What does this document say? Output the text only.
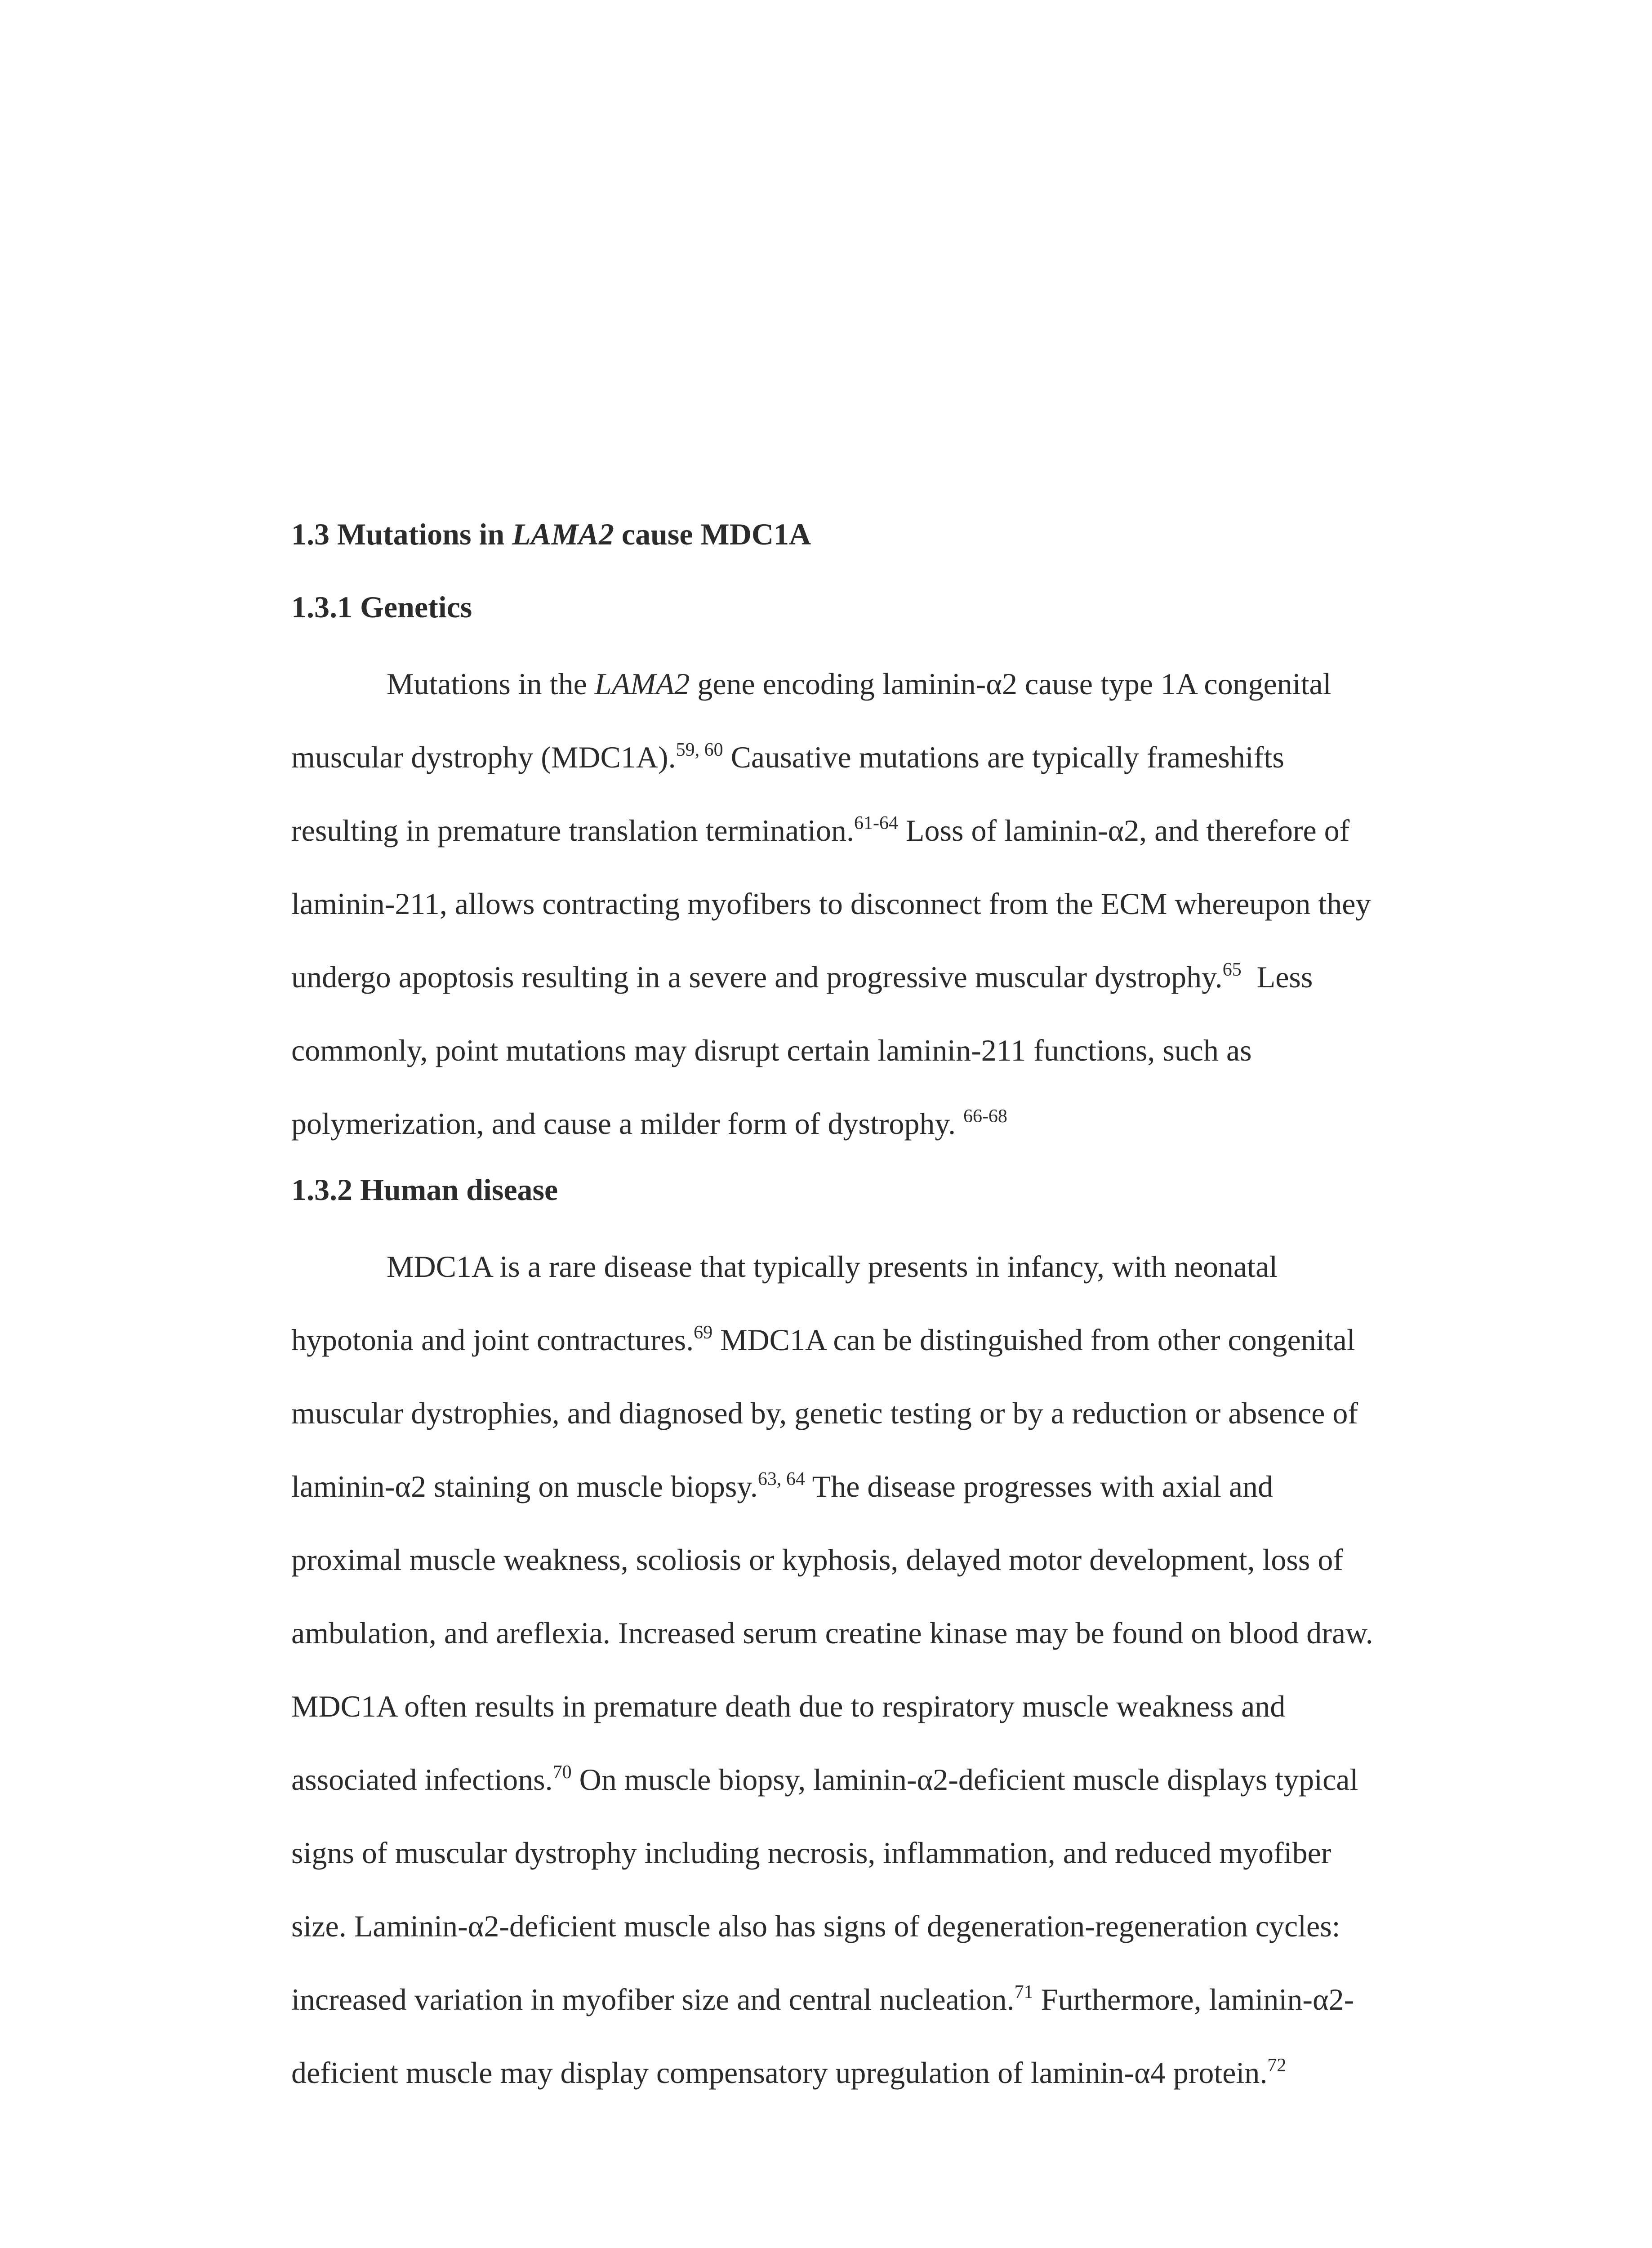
1.3 Mutations in LAMA2 cause MDC1A
1.3.1 Genetics
Mutations in the LAMA2 gene encoding laminin-α2 cause type 1A congenital
muscular dystrophy (MDC1A).$^{59, 60}$ Causative mutations are typically frameshifts
resulting in premature translation termination.$^{61-64}$ Loss of laminin-α2, and therefore of
laminin-211, allows contracting myofibers to disconnect from the ECM whereupon they
undergo apoptosis resulting in a severe and progressive muscular dystrophy.$^{65}$  Less
commonly, point mutations may disrupt certain laminin-211 functions, such as
polymerization, and cause a milder form of dystrophy. $^{66-68}$
1.3.2 Human disease
MDC1A is a rare disease that typically presents in infancy, with neonatal
hypotonia and joint contractures.$^{69}$ MDC1A can be distinguished from other congenital
muscular dystrophies, and diagnosed by, genetic testing or by a reduction or absence of
laminin-α2 staining on muscle biopsy.$^{63, 64}$ The disease progresses with axial and
proximal muscle weakness, scoliosis or kyphosis, delayed motor development, loss of
ambulation, and areflexia. Increased serum creatine kinase may be found on blood draw.
MDC1A often results in premature death due to respiratory muscle weakness and
associated infections.$^{70}$ On muscle biopsy, laminin-α2-deficient muscle displays typical
signs of muscular dystrophy including necrosis, inflammation, and reduced myofiber
size. Laminin-α2-deficient muscle also has signs of degeneration-regeneration cycles:
increased variation in myofiber size and central nucleation.$^{71}$ Furthermore, laminin-α2-
deficient muscle may display compensatory upregulation of laminin-α4 protein.$^{72}$
